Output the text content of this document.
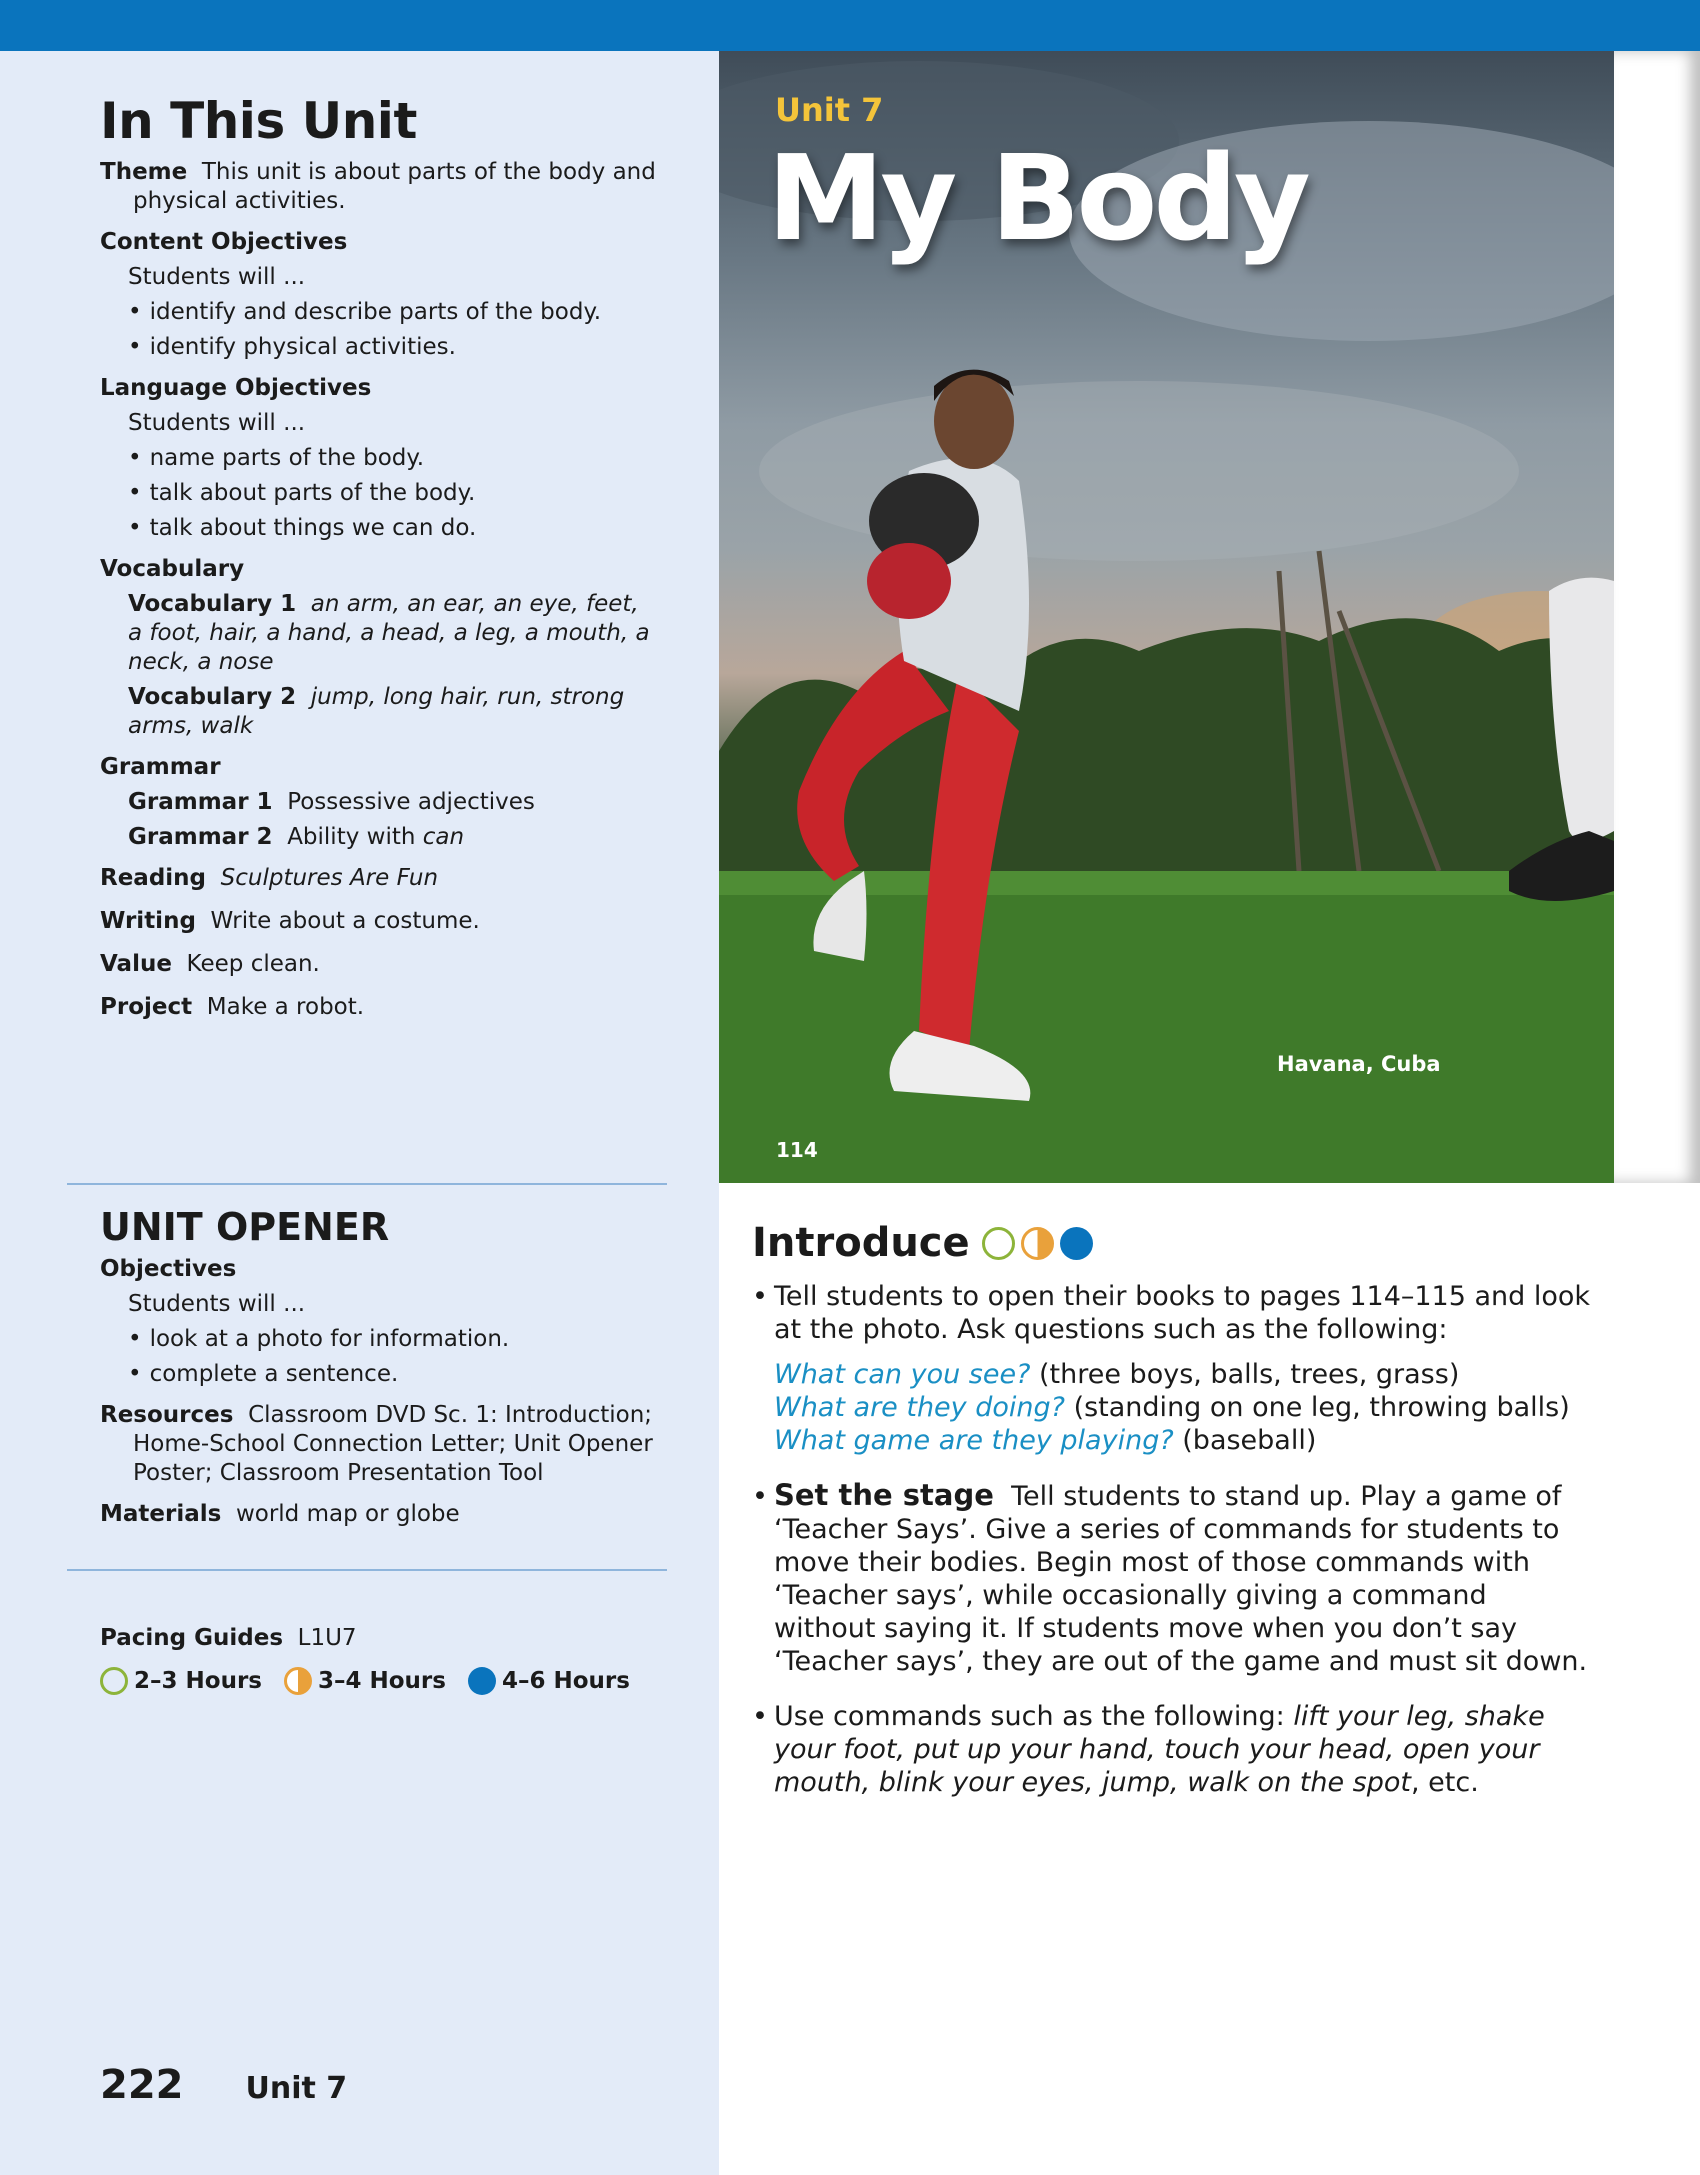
In This Unit

Theme This unit is about parts of the body and physical activities.

Content Objectives

Students will ...

• identify and describe parts of the body.

• identify physical activities.

Language Objectives

Students will ...

• name parts of the body.

• talk about parts of the body.

• talk about things we can do.

Vocabulary

Vocabulary 1 an arm, an ear, an eye, feet, a foot, hair, a hand, a head, a leg, a mouth, a neck, a nose

Vocabulary 2 jump, long hair, run, strong arms, walk

Grammar

Grammar 1 Possessive adjectives

Grammar 2 Ability with can

Reading Sculptures Are Fun

Writing Write about a costume.

Value Keep clean.

Project Make a robot.

UNIT OPENER

Objectives

Students will ...

• look at a photo for information.

• complete a sentence.

Resources Classroom DVD Sc. 1: Introduction; Home-School Connection Letter; Unit Opener Poster; Classroom Presentation Tool

Materials world map or globe

Pacing Guides L1U7

2–3 Hours 3–4 Hours 4–6 Hours
222 Unit 7
Unit 7
My Body
Havana, Cuba
114
Introduce

• Tell students to open their books to pages 114–115 and look at the photo. Ask questions such as the following:

What can you see? (three boys, balls, trees, grass)

What are they doing? (standing on one leg, throwing balls)

What game are they playing? (baseball)

• Set the stage Tell students to stand up. Play a game of ‘Teacher Says’. Give a series of commands for students to move their bodies. Begin most of those commands with ‘Teacher says’, while occasionally giving a command without saying it. If students move when you don’t say ‘Teacher says’, they are out of the game and must sit down.

• Use commands such as the following: lift your leg, shake your foot, put up your hand, touch your head, open your mouth, blink your eyes, jump, walk on the spot, etc.
